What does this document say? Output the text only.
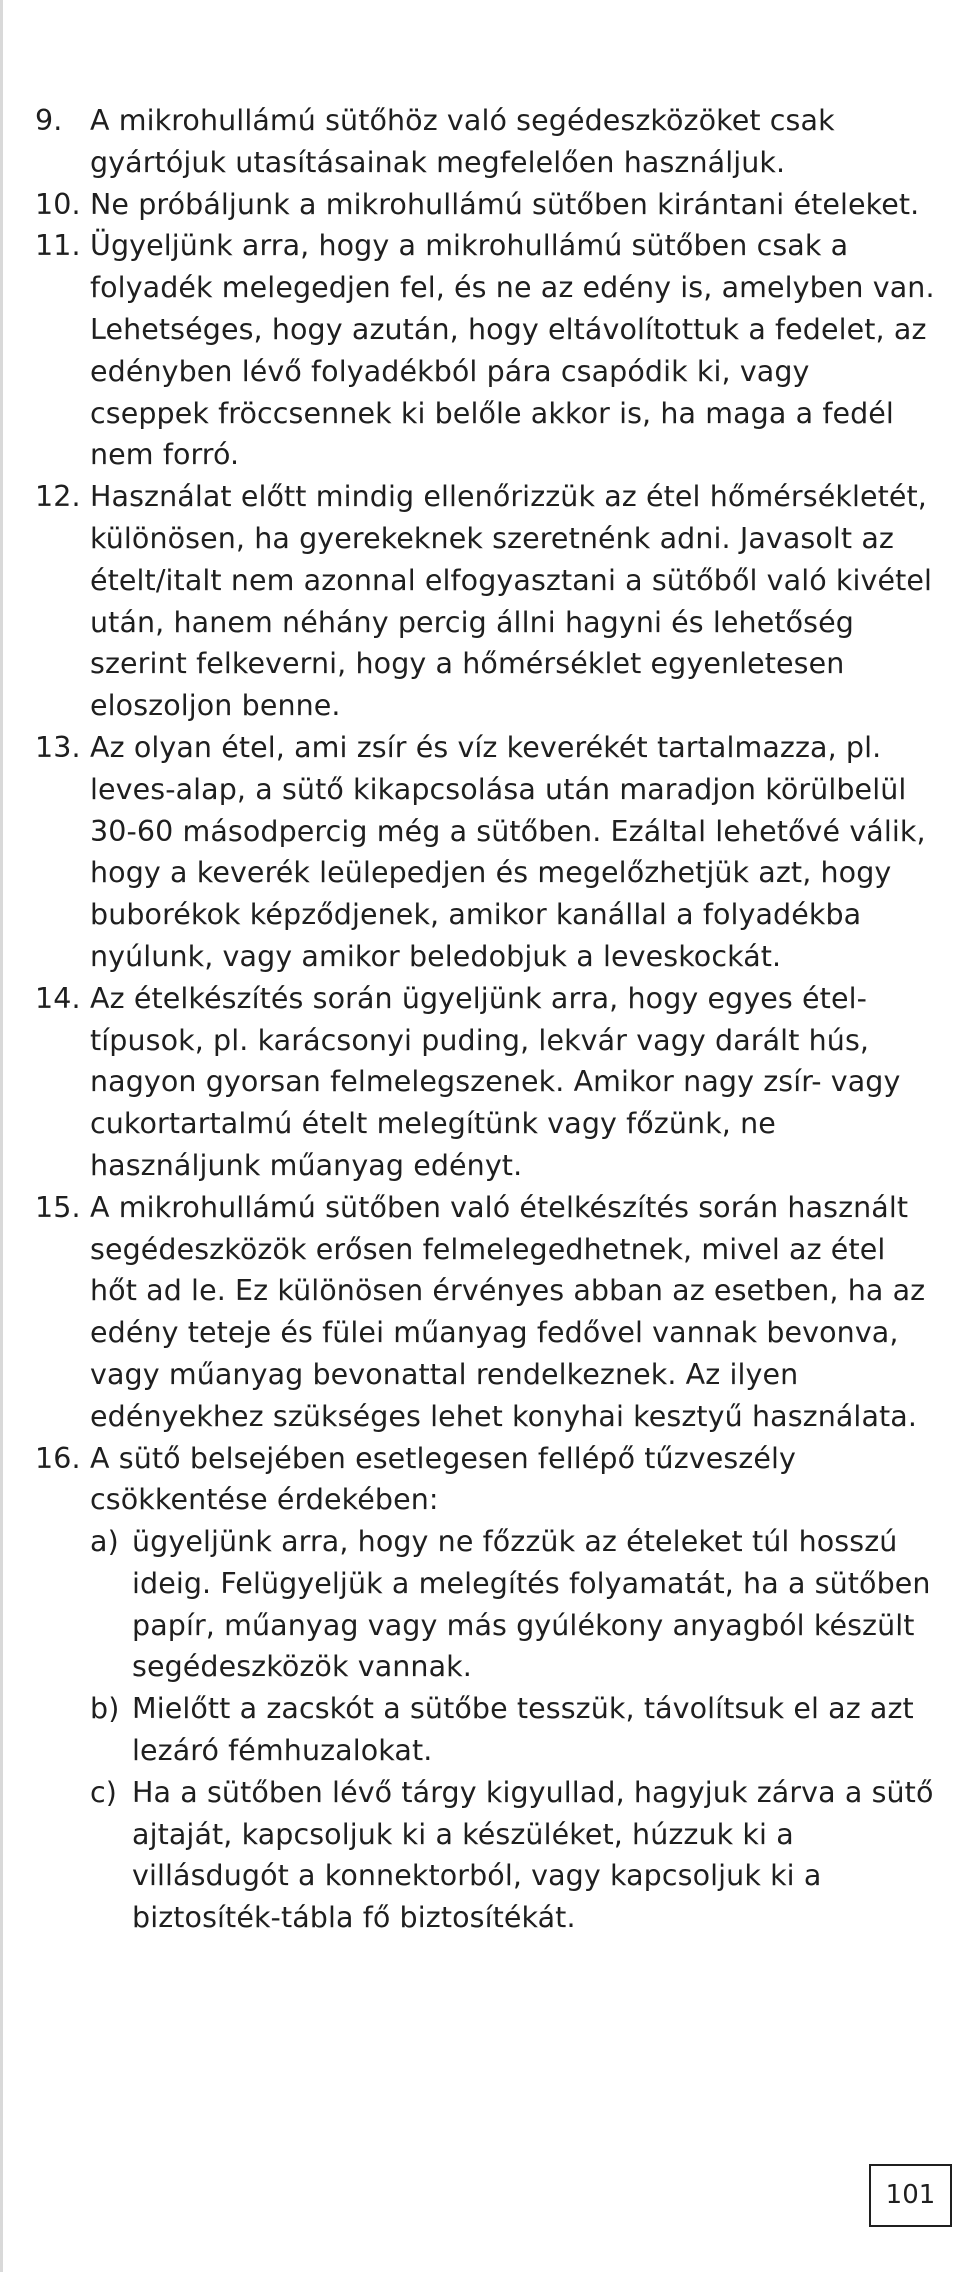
9. A mikrohullámú sütőhöz való segédeszközöket csak gyártójuk utasításainak megfelelően használjuk.
10. Ne próbáljunk a mikrohullámú sütőben kirántani ételeket.
11. Ügyeljünk arra, hogy a mikrohullámú sütőben csak a folyadék melegedjen fel, és ne az edény is, amelyben van. Lehetséges, hogy azután, hogy eltávolítottuk a fedelet, az edényben lévő folyadékból pára csapódik ki, vagy cseppek fröccsennek ki belőle akkor is, ha maga a fedél nem forró.
12. Használat előtt mindig ellenőrizzük az étel hőmérsékletét, különösen, ha gyerekeknek szeretnénk adni. Javasolt az ételt/italt nem azonnal elfogyasztani a sütőből való kivétel után, hanem néhány percig állni hagyni és lehetőség szerint felkeverni, hogy a hőmérséklet egyenletesen eloszoljon benne.
13. Az olyan étel, ami zsír és víz keverékét tartalmazza, pl. leves-alap, a sütő kikapcsolása után maradjon körülbelül 30-60 másodpercig még a sütőben. Ezáltal lehetővé válik, hogy a keverék leülepedjen és megelőzhetjük azt, hogy buborékok képződjenek, amikor kanállal a folyadékba nyúlunk, vagy amikor beledobjuk a leveskockát.
14. Az ételkészítés során ügyeljünk arra, hogy egyes étel-típusok, pl. karácsonyi puding, lekvár vagy darált hús, nagyon gyorsan felmelegszenek. Amikor nagy zsír- vagy cukortartalmú ételt melegítünk vagy főzünk, ne használjunk műanyag edényt.
15. A mikrohullámú sütőben való ételkészítés során használt segédeszközök erősen felmelegedhetnek, mivel az étel hőt ad le. Ez különösen érvényes abban az esetben, ha az edény teteje és fülei műanyag fedővel vannak bevonva, vagy műanyag bevonattal rendelkeznek. Az ilyen edényekhez szükséges lehet konyhai kesztyű használata.
16. A sütő belsejében esetlegesen fellépő tűzveszély csökkentése érdekében:
a) ügyeljünk arra, hogy ne főzzük az ételeket túl hosszú ideig. Felügyeljük a melegítés folyamatát, ha a sütőben papír, műanyag vagy más gyúlékony anyagból készült segédeszközök vannak.
b) Mielőtt a zacskót a sütőbe tesszük, távolítsuk el az azt lezáró fémhuzalokat.
c) Ha a sütőben lévő tárgy kigyullad, hagyjuk zárva a sütő ajtaját, kapcsoljuk ki a készüléket, húzzuk ki a villásdugót a konnektorból, vagy kapcsoljuk ki a biztosíték-tábla fő biztosítékát.
101
